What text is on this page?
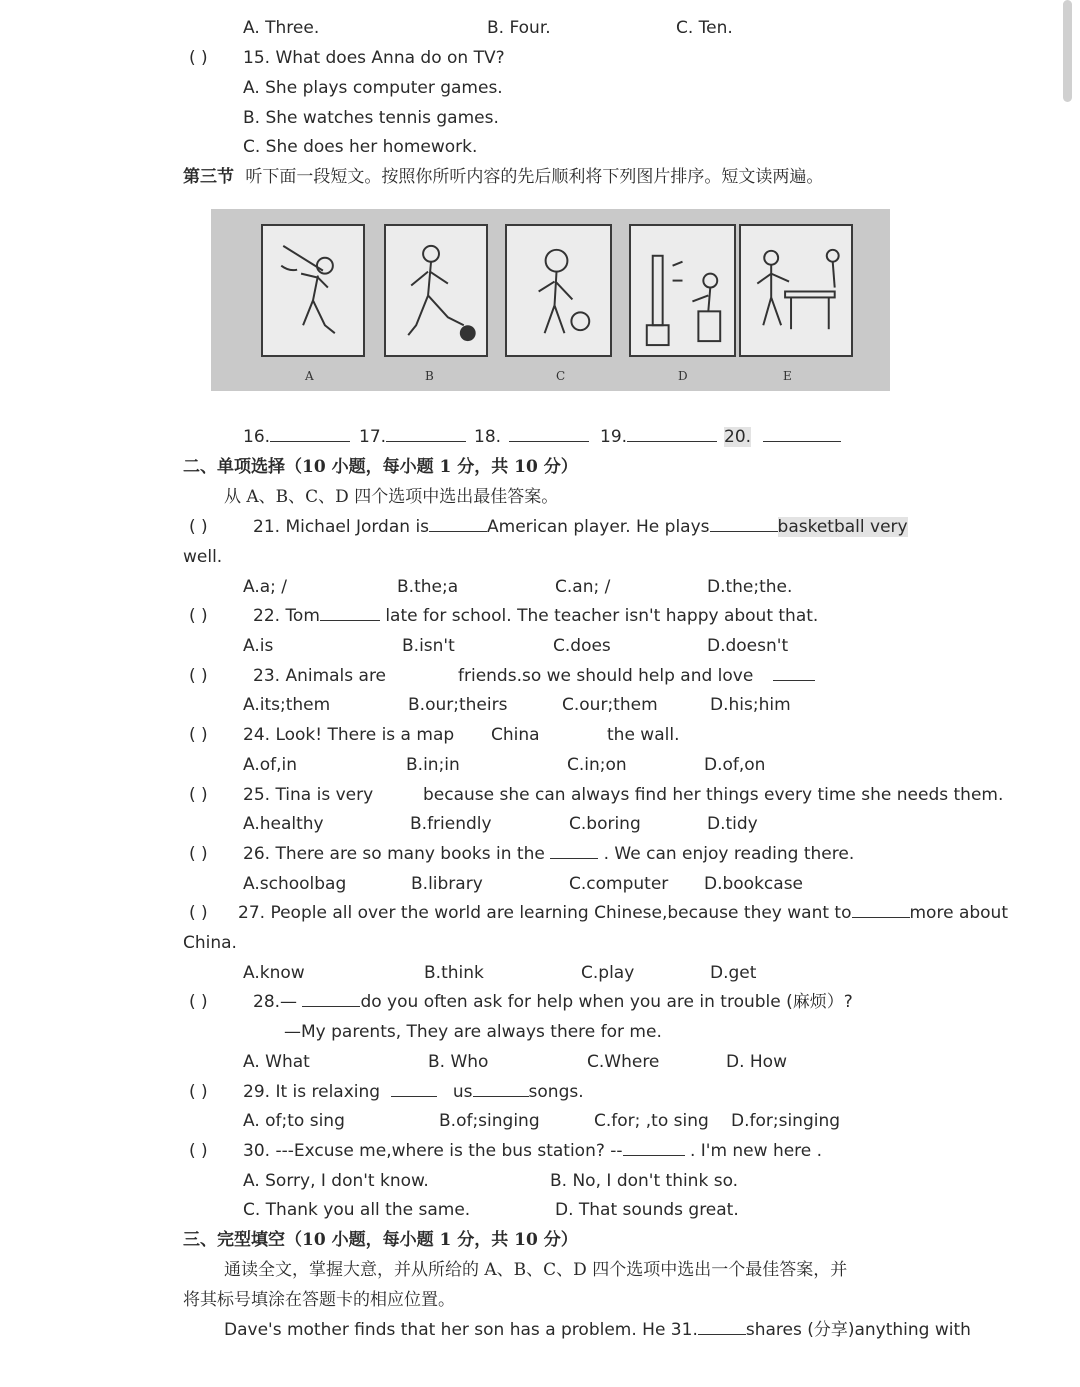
A. Three.	B. Four.	C. Ten.
( ) 15. What does Anna do on TV?
A. She plays computer games.
B. She watches tennis games.
C. She does her homework.
第三节 听下面一段短文。按照你所听内容的先后顺利将下列图片排序。短文读两遍。
A	B	C	D	E
16.	17.	18.	19.	20.
二、单项选择（10 小题，每小题 1 分，共 10 分）
从 A、B、C、D 四个选项中选出最佳答案。
( )	21. Michael Jordan is	American player. He plays	basketball very
well.
A.a; /	B.the;a	C.an; /	D.the;the.
( )	22. Tom	late for school. The teacher isn't happy about that.
A.is	B.isn't	C.does	D.doesn't
( )	23. Animals are	friends.so we should help and love
A.its;them	B.our;theirs	C.our;them	D.his;him
( ) 24. Look! There is a map China	the wall.
A.of,in	B.in;in	C.in;on	D.of,on
( ) 25. Tina is very	because she can always find her things every time she needs them.
A.healthy	B.friendly	C.boring	D.tidy
( ) 26. There are so many books in the	. We can enjoy reading there.
A.schoolbag	B.library	C.computer D.bookcase
( ) 27. People all over the world are learning Chinese,because they want to	more about
China.
A.know	B.think	C.play	D.get
( )	28.—	do you often ask for help when you are in trouble (麻烦）?
—My parents, They are always there for me.
A. What	B. Who	C.Where	D. How
( ) 29. It is relaxing	us	songs.
A. of;to sing	B.of;singing	C.for; ,to sing D.for;singing
( ) 30. ---Excuse me,where is the bus station? --	. I'm new here .
A. Sorry, I don't know.	B. No, I don't think so.
C. Thank you all the same.	D. That sounds great.
三、完型填空（10 小题，每小题 1 分，共 10 分）
通读全文，掌握大意，并从所给的 A、B、C、D 四个选项中选出一个最佳答案，并
将其标号填涂在答题卡的相应位置。
Dave's mother finds that her son has a problem. He 31.	shares (分享)anything with
